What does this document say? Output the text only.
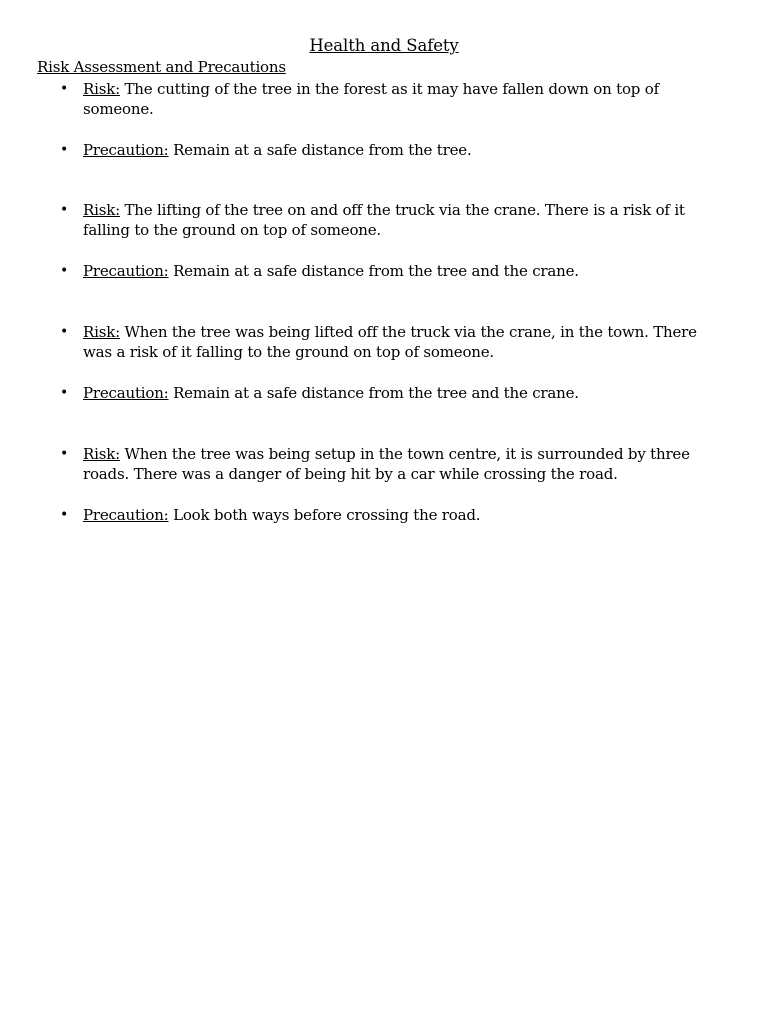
Health and Safety
Risk Assessment and Precautions
• Risk: The cutting of the tree in the forest as it may have fallen down on top of someone.
• Precaution: Remain at a safe distance from the tree.
• Risk: The lifting of the tree on and off the truck via the crane. There is a risk of it falling to the ground on top of someone.
• Precaution: Remain at a safe distance from the tree and the crane.
• Risk: When the tree was being lifted off the truck via the crane, in the town. There was a risk of it falling to the ground on top of someone.
• Precaution: Remain at a safe distance from the tree and the crane.
• Risk: When the tree was being setup in the town centre, it is surrounded by three roads. There was a danger of being hit by a car while crossing the road.
• Precaution: Look both ways before crossing the road.
